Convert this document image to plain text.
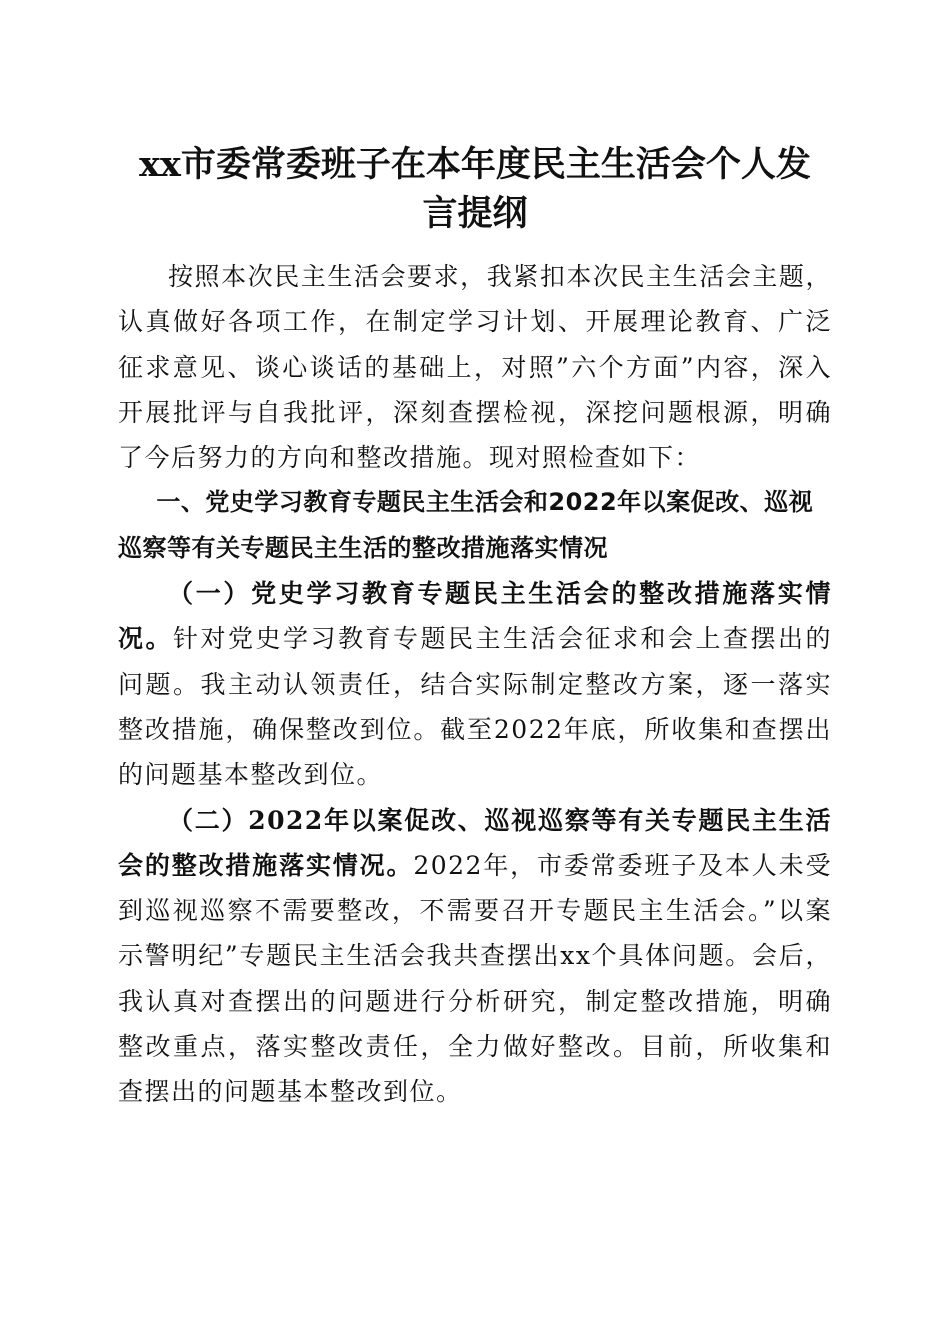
xx市委常委班子在本年度民主生活会个人发
言提纲

按照本次民主生活会要求，我紧扣本次民主生活会主题，认真做好各项工作，在制定学习计划、开展理论教育、广泛征求意见、谈心谈话的基础上，对照”六个方面”内容，深入开展批评与自我批评，深刻查摆检视，深挖问题根源，明确了今后努力的方向和整改措施。现对照检查如下：

一、党史学习教育专题民主生活会和2022年以案促改、巡视巡察等有关专题民主生活的整改措施落实情况

（一）党史学习教育专题民主生活会的整改措施落实情况。针对党史学习教育专题民主生活会征求和会上查摆出的问题。我主动认领责任，结合实际制定整改方案，逐一落实整改措施，确保整改到位。截至2022年底，所收集和查摆出的问题基本整改到位。

（二）2022年以案促改、巡视巡察等有关专题民主生活会的整改措施落实情况。2022年，市委常委班子及本人未受到巡视巡察不需要整改，不需要召开专题民主生活会。”以案示警明纪”专题民主生活会我共查摆出xx个具体问题。会后，我认真对查摆出的问题进行分析研究，制定整改措施，明确整改重点，落实整改责任，全力做好整改。目前，所收集和查摆出的问题基本整改到位。
